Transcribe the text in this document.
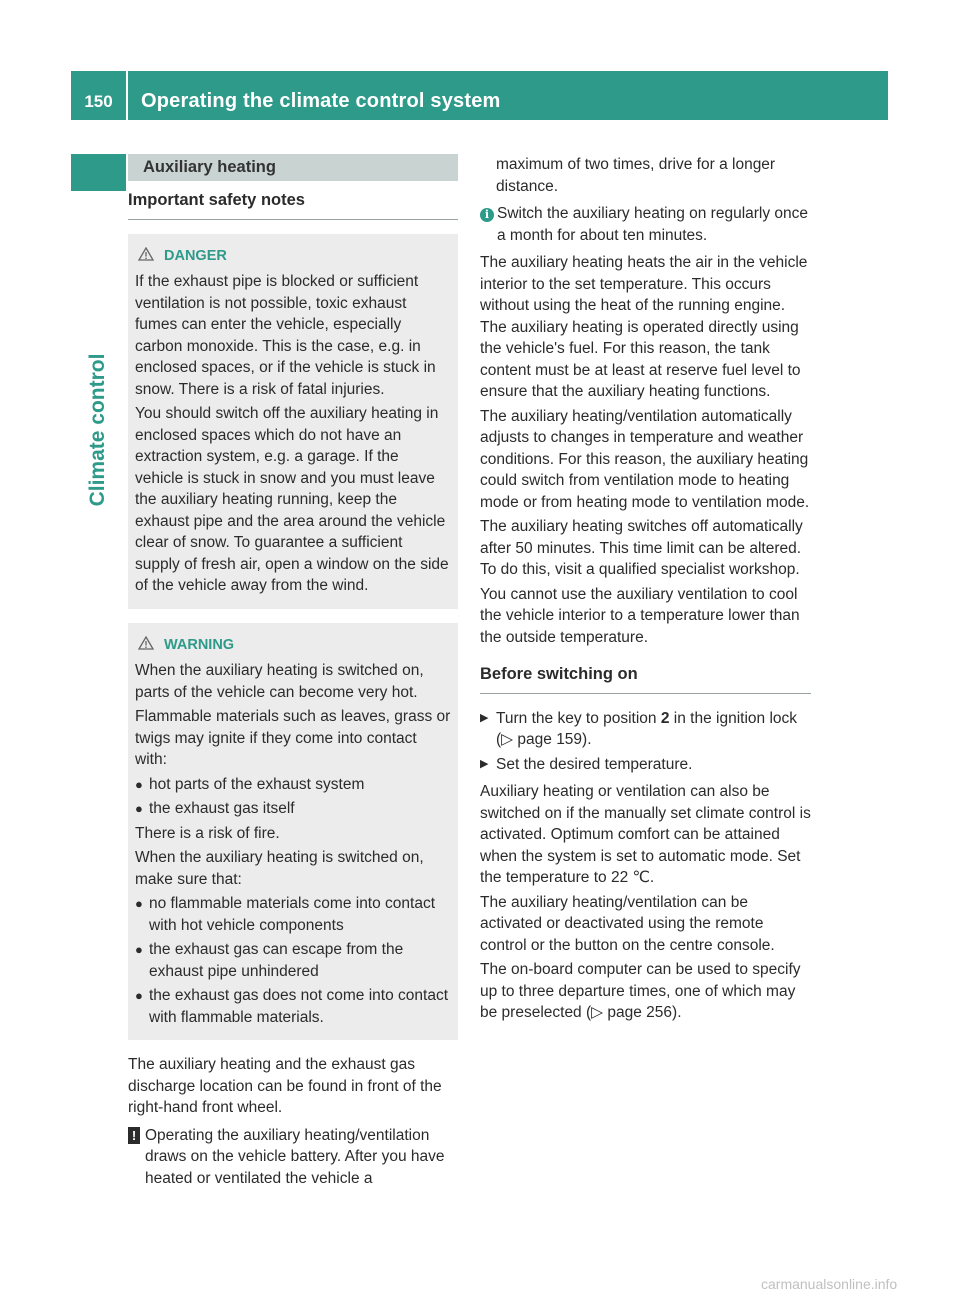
150	Operating the climate control system
Climate control
Auxiliary heating
Important safety notes
DANGER

If the exhaust pipe is blocked or sufficient ventilation is not possible, toxic exhaust fumes can enter the vehicle, especially carbon monoxide. This is the case, e.g. in enclosed spaces, or if the vehicle is stuck in snow. There is a risk of fatal injuries.

You should switch off the auxiliary heating in enclosed spaces which do not have an extraction system, e.g. a garage. If the vehicle is stuck in snow and you must leave the auxiliary heating running, keep the exhaust pipe and the area around the vehicle clear of snow. To guarantee a sufficient supply of fresh air, open a window on the side of the vehicle away from the wind.

WARNING

When the auxiliary heating is switched on, parts of the vehicle can become very hot.

Flammable materials such as leaves, grass or twigs may ignite if they come into contact with:

● hot parts of the exhaust system
● the exhaust gas itself

There is a risk of fire.

When the auxiliary heating is switched on, make sure that:

● no flammable materials come into contact with hot vehicle components
● the exhaust gas can escape from the exhaust pipe unhindered
● the exhaust gas does not come into contact with flammable materials.

The auxiliary heating and the exhaust gas discharge location can be found in front of the right-hand front wheel.

! Operating the auxiliary heating/ventilation draws on the vehicle battery. After you have heated or ventilated the vehicle a

maximum of two times, drive for a longer distance.

i Switch the auxiliary heating on regularly once a month for about ten minutes.

The auxiliary heating heats the air in the vehicle interior to the set temperature. This occurs without using the heat of the running engine. The auxiliary heating is operated directly using the vehicle's fuel. For this reason, the tank content must be at least at reserve fuel level to ensure that the auxiliary heating functions.

The auxiliary heating/ventilation automatically adjusts to changes in temperature and weather conditions. For this reason, the auxiliary heating could switch from ventilation mode to heating mode or from heating mode to ventilation mode.

The auxiliary heating switches off automatically after 50 minutes. This time limit can be altered. To do this, visit a qualified specialist workshop.

You cannot use the auxiliary ventilation to cool the vehicle interior to a temperature lower than the outside temperature.

Before switching on
▶ Turn the key to position 2 in the ignition lock (▷ page 159).
▶ Set the desired temperature.

Auxiliary heating or ventilation can also be switched on if the manually set climate control is activated. Optimum comfort can be attained when the system is set to automatic mode. Set the temperature to 22 ℃.

The auxiliary heating/ventilation can be activated or deactivated using the remote control or the button on the centre console.

The on-board computer can be used to specify up to three departure times, one of which may be preselected (▷ page 256).

carmanualsonline.info
